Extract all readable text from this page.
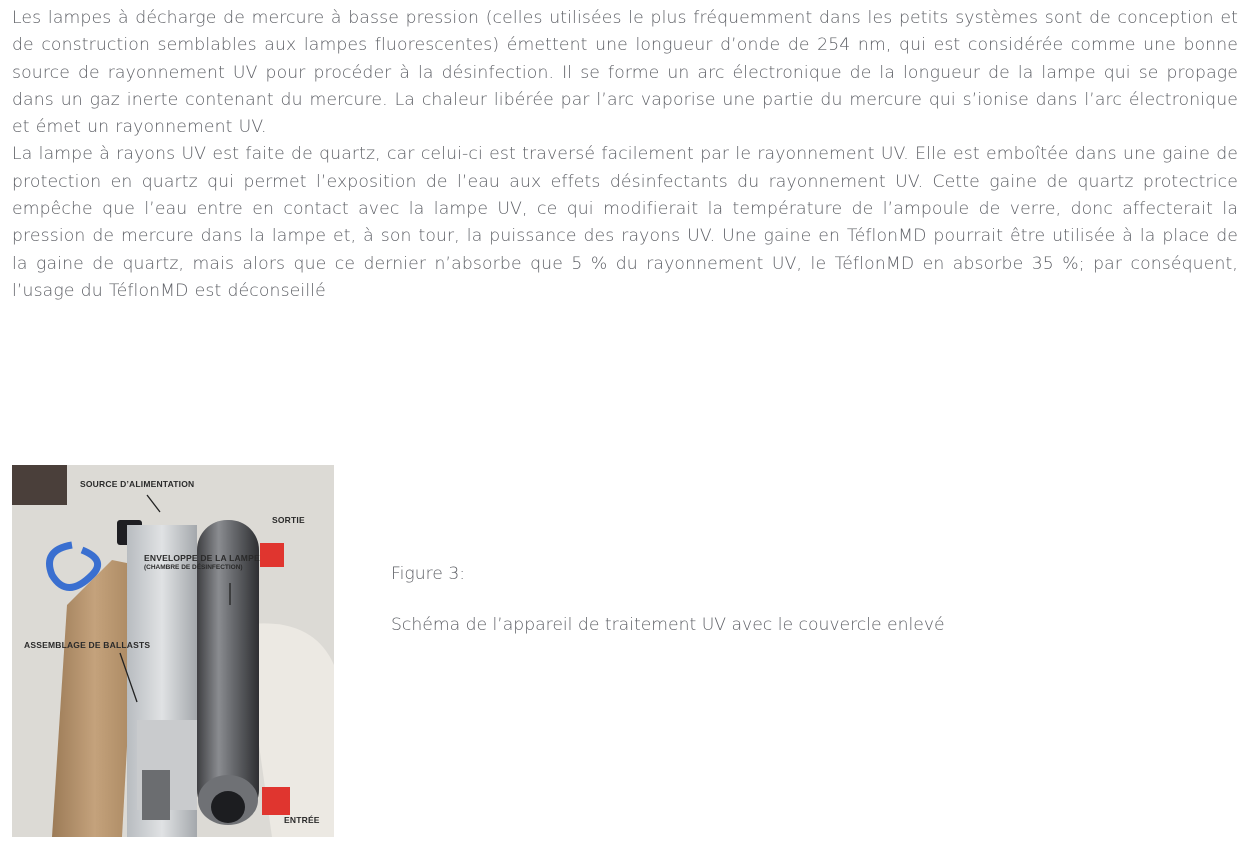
Les lampes à décharge de mercure à basse pression (celles utilisées le plus fréquemment dans les petits systèmes sont de conception et de construction semblables aux lampes fluorescentes) émettent une longueur d’onde de 254 nm, qui est considérée comme une bonne source de rayonnement UV pour procéder à la désinfection. Il se forme un arc électronique de la longueur de la lampe qui se propage dans un gaz inerte contenant du mercure. La chaleur libérée par l’arc vaporise une partie du mercure qui s’ionise dans l’arc électronique et émet un rayonnement UV.

La lampe à rayons UV est faite de quartz, car celui-ci est traversé facilement par le rayonnement UV. Elle est emboîtée dans une gaine de protection en quartz qui permet l’exposition de l’eau aux effets désinfectants du rayonnement UV. Cette gaine de quartz protectrice empêche que l’eau entre en contact avec la lampe UV, ce qui modifierait la température de l’ampoule de verre, donc affecterait la pression de mercure dans la lampe et, à son tour, la puissance des rayons UV. Une gaine en TéflonMD pourrait être utilisée à la place de la gaine de quartz, mais alors que ce dernier n’absorbe que 5 % du rayonnement UV, le TéflonMD en absorbe 35 %; par conséquent, l’usage du TéflonMD est déconseillé

SOURCE D’ALIMENTATION
SORTIE
ENVELOPPE DE LA LAMPE
(CHAMBRE DE DÉSINFECTION)
ASSEMBLAGE DE BALLASTS
ENTRÉE

Figure 3:

Schéma de l’appareil de traitement UV avec le couvercle enlevé
